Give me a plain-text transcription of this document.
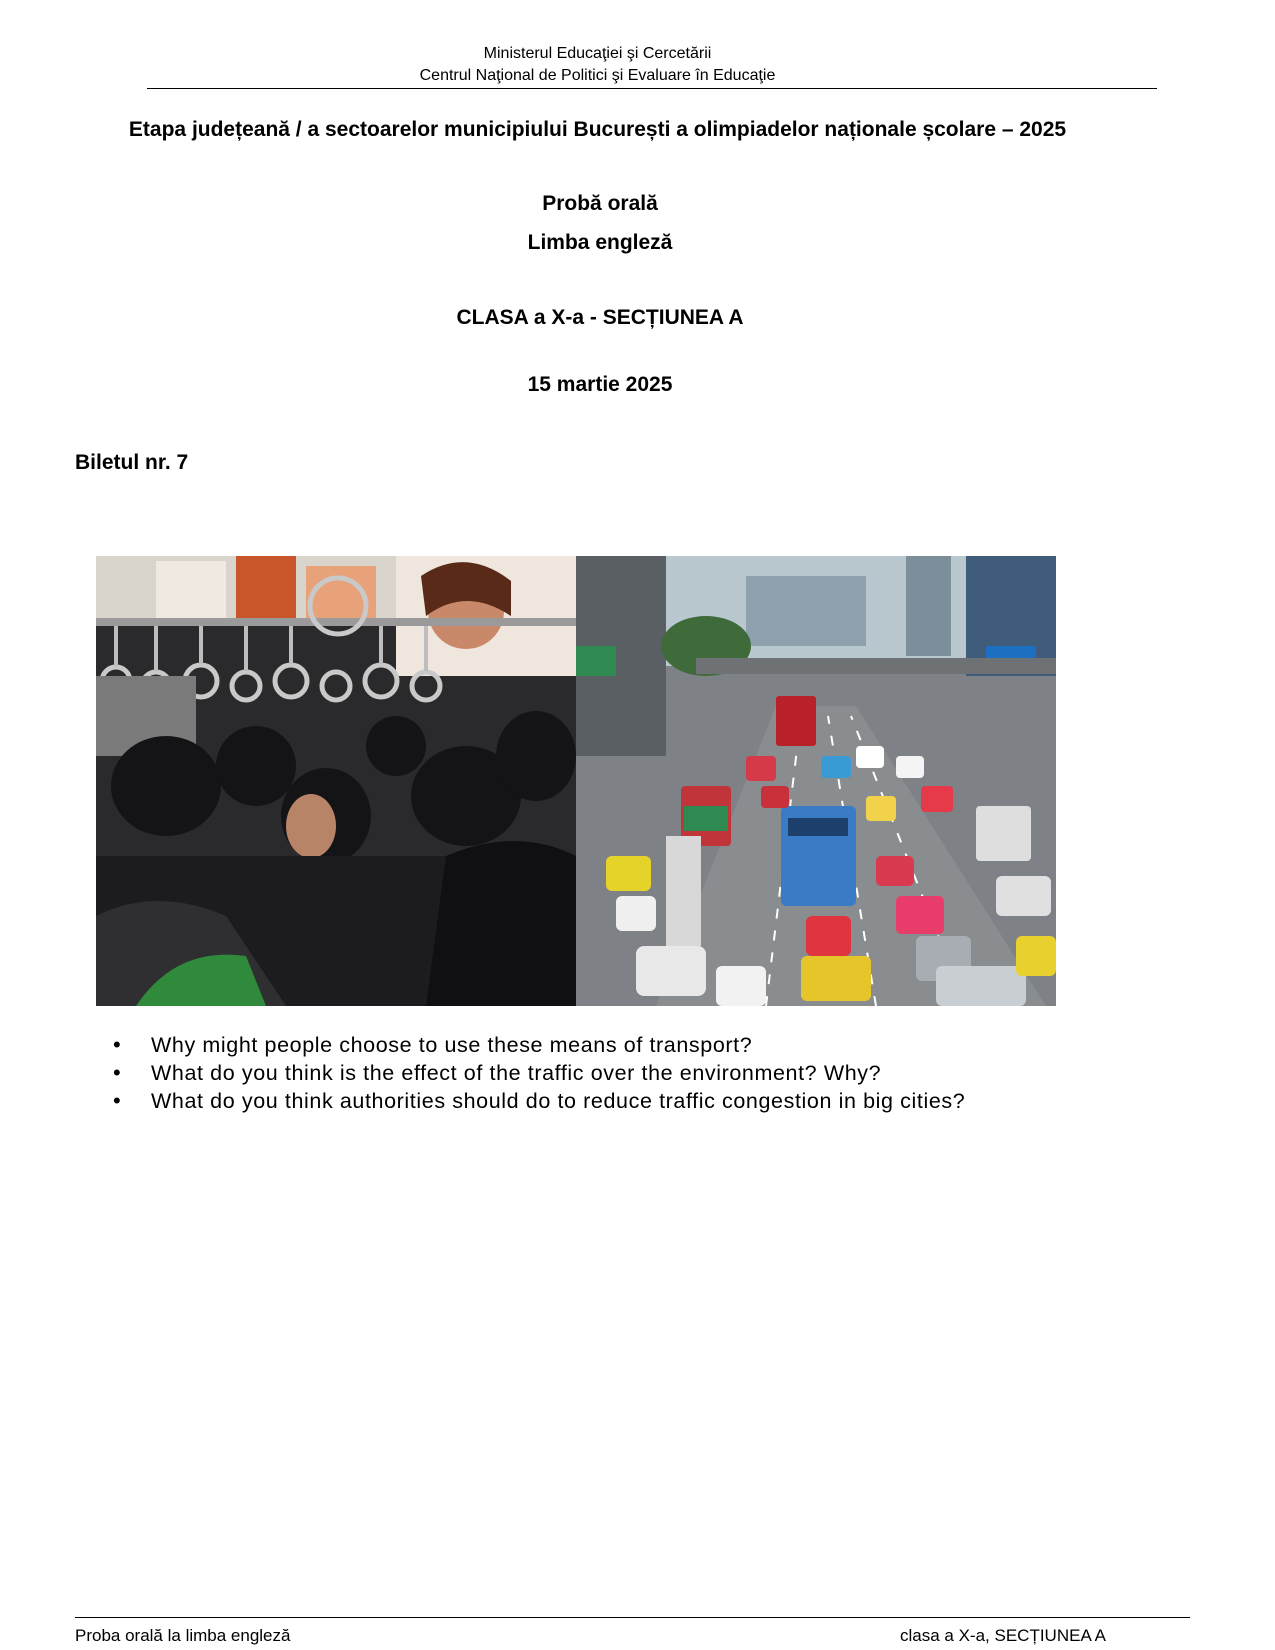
Ministerul Educaţiei şi Cercetării
Centrul Naţional de Politici şi Evaluare în Educaţie
Etapa județeană / a sectoarelor municipiului București a olimpiadelor naționale școlare – 2025
Probă orală
Limba engleză
CLASA a X-a - SECȚIUNEA A
15 martie 2025
Biletul nr. 7
• Why might people choose to use these means of transport?
• What do you think is the effect of the traffic over the environment? Why?
• What do you think authorities should do to reduce traffic congestion in big cities?
Proba orală la limba engleză	clasa a X-a, SECȚIUNEA A
